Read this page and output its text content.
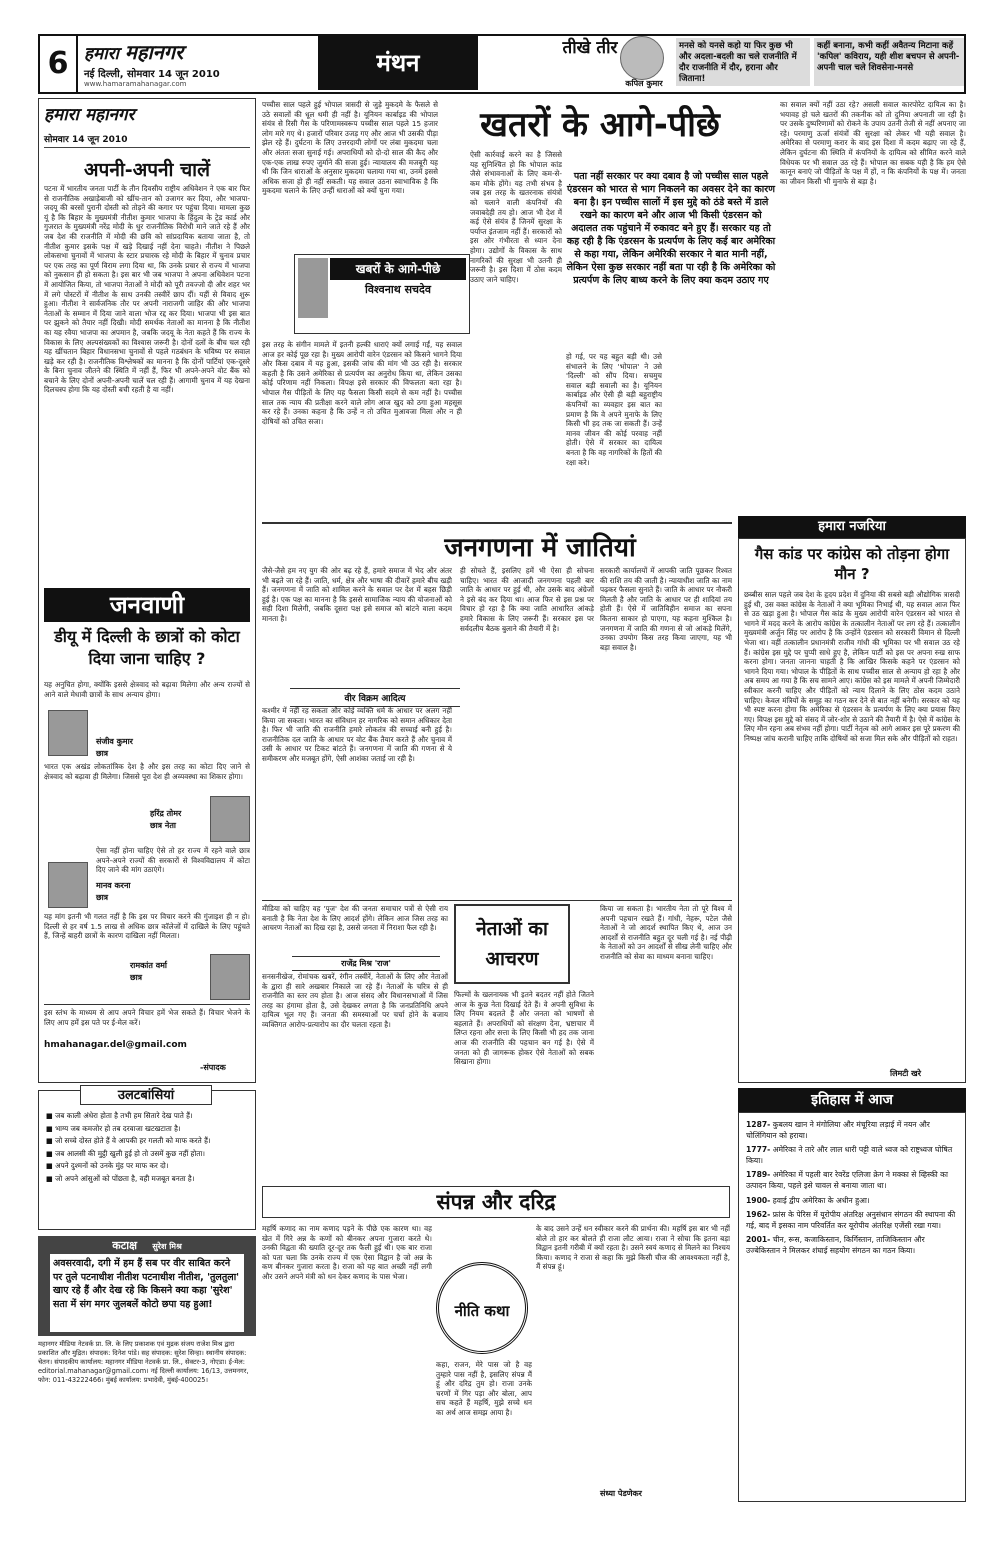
6 हमारा महानगर
नई दिल्ली, सोमवार 14 जून 2010
www.hamaramahanagar.com
मंथन
तीखे तीर
कपिल कुमार
मनसे को यनसे कहो या फिर कुछ भी और अदला-बदली का चले राजनीति में दौर राजनीति में दौर, हराना और जिताना!
कहीं बनाना, कभी कहीं अवैतन्य मिटाना कहें 'कपिल' कविराय, यही शीश बचपन से अपनी-अपनी चाल चले शिवसेना-मनसे
हमारा महानगर
सोमवार 14 जून 2010
अपनी-अपनी चालें
पटना में भारतीय जनता पार्टी के तीन दिवसीय राष्ट्रीय अधिवेशन ने एक बार फिर से राजनीतिक अखाड़ेबाजी को खींच-तान को उजागर कर दिया, और भाजपा-जदयू की बरसों पुरानी दोस्ती को तोड़ने की कगार पर पहुंचा दिया। मामला कुछ यूं है कि बिहार के मुख्यमंत्री नीतीश कुमार भाजपा के हिंदुत्व के ट्रेड कार्ड और गुजरात के मुख्यमंत्री नरेंद्र मोदी के धुर राजनीतिक विरोधी माने जाते रहे हैं और जब देश की राजनीति में मोदी की छवि को सांप्रदायिक बताया जाता है, तो नीतीश कुमार इसके पक्ष में खड़े दिखाई नहीं देना चाहते। नीतीश ने पिछले लोकसभा चुनावों में भाजपा के स्टार प्रचारक रहे मोदी के बिहार में चुनाव प्रचार पर एक तरह का पूर्ण विराम लगा दिया था, कि उनके प्रचार से राज्य में भाजपा को नुकसान ही हो सकता है। इस बार भी जब भाजपा ने अपना अधिवेशन पटना में आयोजित किया, तो भाजपा नेताओं ने मोदी को पूरी तवज्जो दी और शहर भर में लगे पोस्टरों में नीतीश के साथ उनकी तस्वीरें छाप दीं। यहीं से विवाद शुरू हुआ। नीतीश ने सार्वजनिक तौर पर अपनी नाराजगी जाहिर की और भाजपा नेताओं के सम्मान में दिया जाने वाला भोज रद्द कर दिया। भाजपा भी इस बात पर झुकने को तैयार नहीं दिखी। मोदी समर्थक नेताओं का मानना है कि नीतीश का यह रवैया भाजपा का अपमान है, जबकि जदयू के नेता कहते हैं कि राज्य के विकास के लिए अल्पसंख्यकों का विश्वास जरूरी है। दोनों दलों के बीच चल रही यह खींचतान बिहार विधानसभा चुनावों से पहले गठबंधन के भविष्य पर सवाल खड़े कर रही है। राजनीतिक विश्लेषकों का मानना है कि दोनों पार्टियां एक-दूसरे के बिना चुनाव जीतने की स्थिति में नहीं हैं, फिर भी अपने-अपने वोट बैंक को बचाने के लिए दोनों अपनी-अपनी चालें चल रही हैं। आगामी चुनाव में यह देखना दिलचस्प होगा कि यह दोस्ती बची रहती है या नहीं।
जनवाणी
डीयू में दिल्ली के छात्रों को कोटा दिया जाना चाहिए ?
यह अनुचित होगा, क्योंकि इससे क्षेत्रवाद को बढ़ावा मिलेगा और अन्य राज्यों से आने वाले मेधावी छात्रों के साथ अन्याय होगा।
संजीव कुमार
छात्र
भारत एक अखंड लोकतांत्रिक देश है और इस तरह का कोटा दिए जाने से क्षेत्रवाद को बढ़ावा ही मिलेगा। जिससे पूरा देश ही अव्यवस्था का शिकार होगा।
हरिंद्र तोमर
छात्र नेता
ऐसा नहीं होना चाहिए ऐसे तो हर राज्य में रहने वाले छात्र अपने-अपने राज्यों की सरकारों से विश्वविद्यालय में कोटा दिए जाने की मांग उठाएंगे।
मानव करना
छात्र
यह मांग इतनी भी गलत नहीं है कि इस पर विचार करने की गुंजाइश ही न हो। दिल्ली से हर वर्ष 1.5 लाख से अधिक छात्र कॉलेजों में दाखिले के लिए पहुंचते हैं, जिन्हें बाहरी छात्रों के कारण दाखिला नहीं मिलता।
रामकांत वर्मा
छात्र
इस स्तंभ के माध्यम से आप अपने विचार हमें भेज सकते हैं। विचार भेजने के लिए आप हमें इस पते पर ई-मेल करें।
hmahanagar.del@gmail.com
-संपादक
उलटबांसियां
■ जब काली अंधेरा होता है तभी हम सितारे देख पाते हैं।
■ भाग्य जब कमजोर हो तब दरवाजा खटखटाता है।
■ जो सच्चे दोस्त होते हैं वे आपकी हर गलती को माफ करते हैं।
■ जब आलसी की मुट्ठी खुली हुई हो तो उसमें कुछ नहीं होता।
■ अपने दुश्मनों को उनके मुंह पर माफ कर दो।
■ जो अपने आंसुओं को पोंछता है, वही मजबूत बनता है।
कटाक्ष सुरेश मिश्र
अवसरवादी, दगी में हम हैं सब पर वीर साबित करने पर तुले पटनाधीश नीतीश पटनाधीश नीतीश, 'तुलतुला' खाए रहे हैं और देख रहे कि किसने क्या कहा 'सुरेश' सता में संग मगर जुलबलें कोटो छपा यह हुआ!
महानगर मीडिया नेटवर्क प्रा. लि. के लिए प्रकाशक एवं मुद्रक संजय राजेश मिश्र द्वारा प्रकाशित और मुद्रित। संपादक: दिनेश पांडे। सह संपादक: सुरेश सिन्हा। स्थानीय संपादक: चेतन। संपादकीय कार्यालय: महानगर मीडिया नेटवर्क प्रा. लि., सेक्टर-3, नोएडा। ई-मेल: editorial.mahanagar@gmail.com। नई दिल्ली कार्यालय: 16/13, उत्तमनगर, फोन: 011-43222466। मुंबई कार्यालय: प्रभादेवी, मुंबई-400025।
खतरों के आगे-पीछे
पच्चीस साल पहले हुई भोपाल त्रासदी से जुड़े मुकदमे के फैसले से उठे सवालों की धूल थमी ही नहीं है। यूनियन कार्बाइड की भोपाल संयंत्र से रिसी गैस के परिणामस्वरूप पच्चीस साल पहले 15 हजार लोग मारे गए थे। हजारों परिवार उजड़ गए और आज भी उसकी पीड़ा झेल रहे हैं। दुर्घटना के लिए उत्तरदायी लोगों पर लंबा मुकदमा चला और अंततः सजा सुनाई गई। अपराधियों को दो-दो साल की कैद और एक-एक लाख रुपए जुर्माने की सजा हुई। न्यायालय की मजबूरी यह थी कि जिन धाराओं के अनुसार मुकदमा चलाया गया था, उनमें इससे अधिक सजा हो ही नहीं सकती। यह सवाल उठना स्वाभाविक है कि मुकदमा चलाने के लिए उन्हीं धाराओं को क्यों चुना गया।
खबरों के आगे-पीछे
विश्वनाथ सचदेव
इस तरह के संगीन मामले में इतनी हल्की धाराएं क्यों लगाई गईं, यह सवाल आज हर कोई पूछ रहा है। मुख्य आरोपी वारेन एंडरसन को किसने भागने दिया और किस दबाव में यह हुआ, इसकी जांच की मांग भी उठ रही है। सरकार कहती है कि उसने अमेरिका से प्रत्यर्पण का अनुरोध किया था, लेकिन उसका कोई परिणाम नहीं निकला। विपक्ष इसे सरकार की विफलता बता रहा है। भोपाल गैस पीड़ितों के लिए यह फैसला किसी सदमे से कम नहीं है। पच्चीस साल तक न्याय की प्रतीक्षा करने वाले लोग आज खुद को ठगा हुआ महसूस कर रहे हैं। उनका कहना है कि उन्हें न तो उचित मुआवजा मिला और न ही दोषियों को उचित सजा।
ऐसी कार्रवाई करने का है जिससे यह सुनिश्चित हो कि भोपाल कांड जैसे संभावनाओं के लिए कम-से-कम मौके होंगे। यह तभी संभव है जब इस तरह के खतरनाक संयंत्रों को चलाने वाली कंपनियों की जवाबदेही तय हो। आज भी देश में कई ऐसे संयंत्र हैं जिनमें सुरक्षा के पर्याप्त इंतजाम नहीं हैं। सरकारों को इस ओर गंभीरता से ध्यान देना होगा। उद्योगों के विकास के साथ नागरिकों की सुरक्षा भी उतनी ही जरूरी है। इस दिशा में ठोस कदम उठाए जाने चाहिए।
पता नहीं सरकार पर क्या दबाव है जो पच्चीस साल पहले एंडरसन को भारत से भाग निकलने का अवसर देने का कारण बना है। इन पच्चीस सालों में इस मुद्दे को ठंडे बस्ते में डाले रखने का कारण बने और आज भी किसी एंडरसन को अदालत तक पहुंचाने में रुकावट बने हुए हैं। सरकार यह तो कह रही है कि एंडरसन के प्रत्यर्पण के लिए कई बार अमेरिका से कहा गया, लेकिन अमेरिकी सरकार ने बात मानी नहीं, लेकिन ऐसा कुछ सरकार नहीं बता पा रही है कि अमेरिका को प्रत्यर्पण के लिए बाध्य करने के लिए क्या कदम उठाए गए
हो गई, पर यह बहुत बड़ी थी। उसे संभालने के लिए 'भोपाल' ने उसे 'दिल्ली' को सौंप दिया। सचमुच सवाल बड़ी सवाली का है। यूनियन कार्बाइड और ऐसी ही बड़ी बहुराष्ट्रीय कंपनियों का व्यवहार इस बात का प्रमाण है कि वे अपने मुनाफे के लिए किसी भी हद तक जा सकती हैं। उन्हें मानव जीवन की कोई परवाह नहीं होती। ऐसे में सरकार का दायित्व बनता है कि वह नागरिकों के हितों की रक्षा करे।
का सवाल क्यों नहीं उठा रहे? असली सवाल कारपोरेट दायित्व का है। भयावह हो चले खतरों की तकनीक को तो दुनिया अपनाती जा रही है। पर उसके दुष्परिणामों को रोकने के उपाय उतनी तेजी से नहीं अपनाए जा रहे। परमाणु ऊर्जा संयंत्रों की सुरक्षा को लेकर भी यही सवाल है। अमेरिका से परमाणु करार के बाद इस दिशा में कदम बढ़ाए जा रहे हैं, लेकिन दुर्घटना की स्थिति में कंपनियों के दायित्व को सीमित करने वाले विधेयक पर भी सवाल उठ रहे हैं। भोपाल का सबक यही है कि हम ऐसे कानून बनाएं जो पीड़ितों के पक्ष में हों, न कि कंपनियों के पक्ष में। जनता का जीवन किसी भी मुनाफे से बड़ा है।
जनगणना में जातियां
जैसे-जैसे हम नए युग की ओर बढ़ रहे हैं, हमारे समाज में भेद और अंतर भी बढ़ते जा रहे हैं। जाति, धर्म, क्षेत्र और भाषा की दीवारें हमारे बीच खड़ी हैं। जनगणना में जाति को शामिल करने के सवाल पर देश में बहस छिड़ी हुई है। एक पक्ष का मानना है कि इससे सामाजिक न्याय की योजनाओं को सही दिशा मिलेगी, जबकि दूसरा पक्ष इसे समाज को बांटने वाला कदम मानता है।
वीर विक्रम आदित्य
कश्मीर में नहीं रह सकता और कोई व्यक्ति धर्म के आधार पर अलग नहीं किया जा सकता। भारत का संविधान हर नागरिक को समान अधिकार देता है। फिर भी जाति की राजनीति हमारे लोकतंत्र की सच्चाई बनी हुई है। राजनीतिक दल जाति के आधार पर वोट बैंक तैयार करते हैं और चुनाव में उसी के आधार पर टिकट बांटते हैं। जनगणना में जाति की गणना से ये समीकरण और मजबूत होंगे, ऐसी आशंका जताई जा रही है।
ही सोचते हैं, इसलिए हमें भी ऐसा ही सोचना चाहिए। भारत की आजादी जनगणना पहली बार जाति के आधार पर हुई थी, और उसके बाद अंग्रेजों ने इसे बंद कर दिया था। आज फिर से इस प्रश्न पर विचार हो रहा है कि क्या जाति आधारित आंकड़े हमारे विकास के लिए जरूरी हैं। सरकार इस पर सर्वदलीय बैठक बुलाने की तैयारी में है।
सरकारी कार्यालयों में आपकी जाति पूछकर रिश्वत की राशि तय की जाती है। न्यायाधीश जाति का नाम पढ़कर फैसला सुनाते हैं। जाति के आधार पर नौकरी मिलती है और जाति के आधार पर ही शादियां तय होती हैं। ऐसे में जातिविहीन समाज का सपना कितना साकार हो पाएगा, यह कहना मुश्किल है। जनगणना में जाति की गणना से जो आंकड़े मिलेंगे, उनका उपयोग किस तरह किया जाएगा, यह भी बड़ा सवाल है।
मीडिया को चाहिए वह 'पूज' देश की जनता समाचार पत्रों से ऐसी राय बनाती है कि नेता देश के लिए आदर्श होंगे। लेकिन आज जिस तरह का आचरण नेताओं का दिख रहा है, उससे जनता में निराशा फैल रही है।
राजेंद्र मिश्र 'राज'
नेताओं का आचरण
सनसनीखेज, रोमांचक खबरें, रंगीन तस्वीरें, नेताओं के लिए और नेताओं के द्वारा ही सारे अखबार निकाले जा रहे हैं। नेताओं के चरित्र से ही राजनीति का स्तर तय होता है। आज संसद और विधानसभाओं में जिस तरह का हंगामा होता है, उसे देखकर लगता है कि जनप्रतिनिधि अपने दायित्व भूल गए हैं। जनता की समस्याओं पर चर्चा होने के बजाय व्यक्तिगत आरोप-प्रत्यारोप का दौर चलता रहता है।
फिल्मों के खलनायक भी इतने बदतर नहीं होते जितने आज के कुछ नेता दिखाई देते हैं। वे अपनी सुविधा के लिए नियम बदलते हैं और जनता को भाषणों से बहलाते हैं। अपराधियों को संरक्षण देना, भ्रष्टाचार में लिप्त रहना और सत्ता के लिए किसी भी हद तक जाना आज की राजनीति की पहचान बन गई है। ऐसे में जनता को ही जागरूक होकर ऐसे नेताओं को सबक सिखाना होगा।
किया जा सकता है। भारतीय नेता तो पूरे विश्व में अपनी पहचान रखते हैं। गांधी, नेहरू, पटेल जैसे नेताओं ने जो आदर्श स्थापित किए थे, आज उन आदर्शों से राजनीति बहुत दूर चली गई है। नई पीढ़ी के नेताओं को उन आदर्शों से सीख लेनी चाहिए और राजनीति को सेवा का माध्यम बनाना चाहिए।
संपन्न और दरिद्र
महर्षि कणाद का नाम कणाद पड़ने के पीछे एक कारण था। वह खेत में गिरे अन्न के कणों को बीनकर अपना गुजारा करते थे। उनकी विद्वता की ख्याति दूर-दूर तक फैली हुई थी। एक बार राजा को पता चला कि उनके राज्य में एक ऐसा विद्वान है जो अन्न के कण बीनकर गुजारा करता है। राजा को यह बात अच्छी नहीं लगी और उसने अपने मंत्री को धन देकर कणाद के पास भेजा।
नीति कथा
कहा, राजन, मेरे पास जो है वह तुम्हारे पास नहीं है, इसलिए संपन्न मैं हूं और दरिद्र तुम हो। राजा उनके चरणों में गिर पड़ा और बोला, आप सच कहते हैं महर्षि, मुझे सच्चे धन का अर्थ आज समझ आया है।
के बाद उसने उन्हें धन स्वीकार करने की प्रार्थना की। महर्षि इस बार भी नहीं बोले तो हार कर बोलते ही राजा लौट आया। राजा ने सोचा कि इतना बड़ा विद्वान इतनी गरीबी में क्यों रहता है। उसने स्वयं कणाद से मिलने का निश्चय किया। कणाद ने राजा से कहा कि मुझे किसी चीज की आवश्यकता नहीं है, मैं संपन्न हूं।
संध्या पेडणेकर
हमारा नजरिया
गैस कांड पर कांग्रेस को तोड़ना होगा मौन ?
छब्बीस साल पहले जब देश के हृदय प्रदेश में दुनिया की सबसे बड़ी औद्योगिक त्रासदी हुई थी, उस वक्त कांग्रेस के नेताओं ने क्या भूमिका निभाई थी, यह सवाल आज फिर से उठ खड़ा हुआ है। भोपाल गैस कांड के मुख्य आरोपी वारेन एंडरसन को भारत से भागने में मदद करने के आरोप कांग्रेस के तत्कालीन नेताओं पर लग रहे हैं। तत्कालीन मुख्यमंत्री अर्जुन सिंह पर आरोप है कि उन्होंने एंडरसन को सरकारी विमान से दिल्ली भेजा था। वहीं तत्कालीन प्रधानमंत्री राजीव गांधी की भूमिका पर भी सवाल उठ रहे हैं। कांग्रेस इस मुद्दे पर चुप्पी साधे हुए है, लेकिन पार्टी को इस पर अपना रुख साफ करना होगा। जनता जानना चाहती है कि आखिर किसके कहने पर एंडरसन को भागने दिया गया। भोपाल के पीड़ितों के साथ पच्चीस साल से अन्याय हो रहा है और अब समय आ गया है कि सच सामने आए। कांग्रेस को इस मामले में अपनी जिम्मेदारी स्वीकार करनी चाहिए और पीड़ितों को न्याय दिलाने के लिए ठोस कदम उठाने चाहिए। केवल मंत्रियों के समूह का गठन कर देने से बात नहीं बनेगी। सरकार को यह भी स्पष्ट करना होगा कि अमेरिका से एंडरसन के प्रत्यर्पण के लिए क्या प्रयास किए गए। विपक्ष इस मुद्दे को संसद में जोर-शोर से उठाने की तैयारी में है। ऐसे में कांग्रेस के लिए मौन रहना अब संभव नहीं होगा। पार्टी नेतृत्व को आगे आकर इस पूरे प्रकरण की निष्पक्ष जांच करानी चाहिए ताकि दोषियों को सजा मिल सके और पीड़ितों को राहत।
लिमटी खरे
इतिहास में आज
1287- कुबलय खान ने मंगोलिया और मंचूरिया लड़ाई में नयन और चोलिंगियान को हराया।
1777- अमेरिका ने तारे और लाल धारी पट्टी वाले ध्वज को राष्ट्रध्वज घोषित किया।
1789- अमेरिका में पहली बार रेवरेंड एलिजा क्रेग ने मक्का से व्हिस्की का उत्पादन किया, पहले इसे चावल से बनाया जाता था।
1900- हवाई द्वीप अमेरिका के अधीन हुआ।
1962- फ्रांस के पेरिस में यूरोपीय अंतरिक्ष अनुसंधान संगठन की स्थापना की गई, बाद में इसका नाम परिवर्तित कर यूरोपीय अंतरिक्ष एजेंसी रखा गया।
2001- चीन, रूस, कजाकिस्तान, किर्गिस्तान, ताजिकिस्तान और उज्बेकिस्तान ने मिलकर शंघाई सहयोग संगठन का गठन किया।
